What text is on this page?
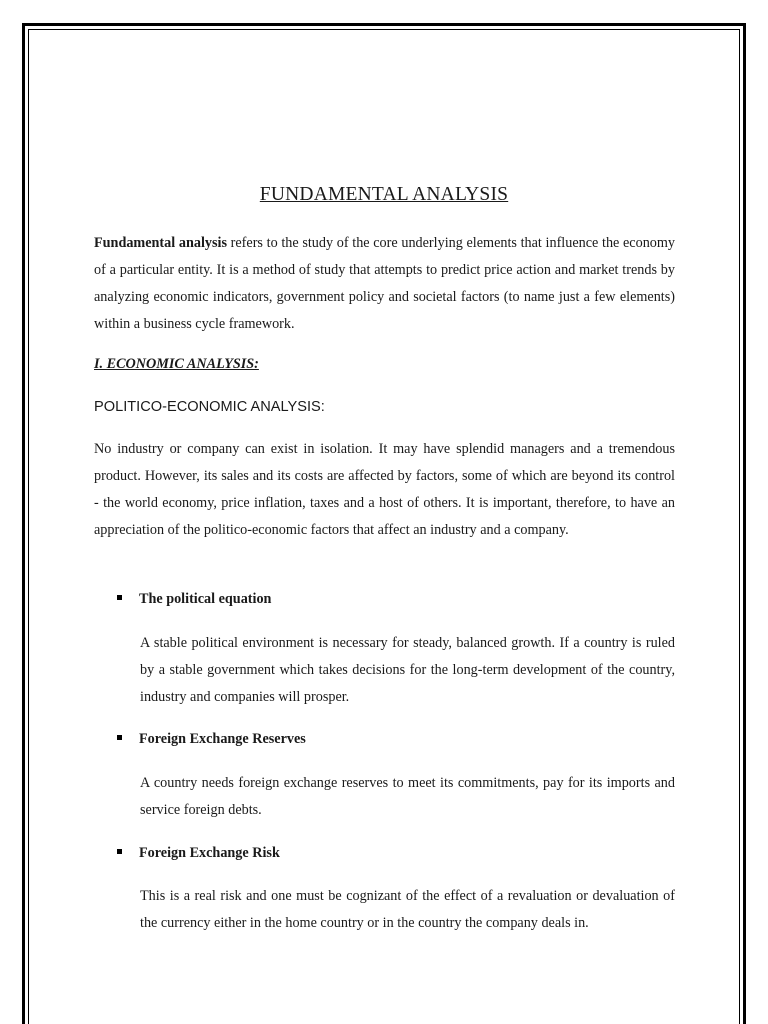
FUNDAMENTAL ANALYSIS
Fundamental analysis refers to the study of the core underlying elements that influence the economy of a particular entity. It is a method of study that attempts to predict price action and market trends by analyzing economic indicators, government policy and societal factors (to name just a few elements) within a business cycle framework.
I. ECONOMIC ANALYSIS:
POLITICO-ECONOMIC ANALYSIS:
No industry or company can exist in isolation. It may have splendid managers and a tremendous product. However, its sales and its costs are affected by factors, some of which are beyond its control - the world economy, price inflation, taxes and a host of others. It is important, therefore, to have an appreciation of the politico-economic factors that affect an industry and a company.
The political equation
A stable political environment is necessary for steady, balanced growth. If a country is ruled by a stable government which takes decisions for the long-term development of the country, industry and companies will prosper.
Foreign Exchange Reserves
A country needs foreign exchange reserves to meet its commitments, pay for its imports and service foreign debts.
Foreign Exchange Risk
This is a real risk and one must be cognizant of the effect of a revaluation or devaluation of the currency either in the home country or in the country the company deals in.
